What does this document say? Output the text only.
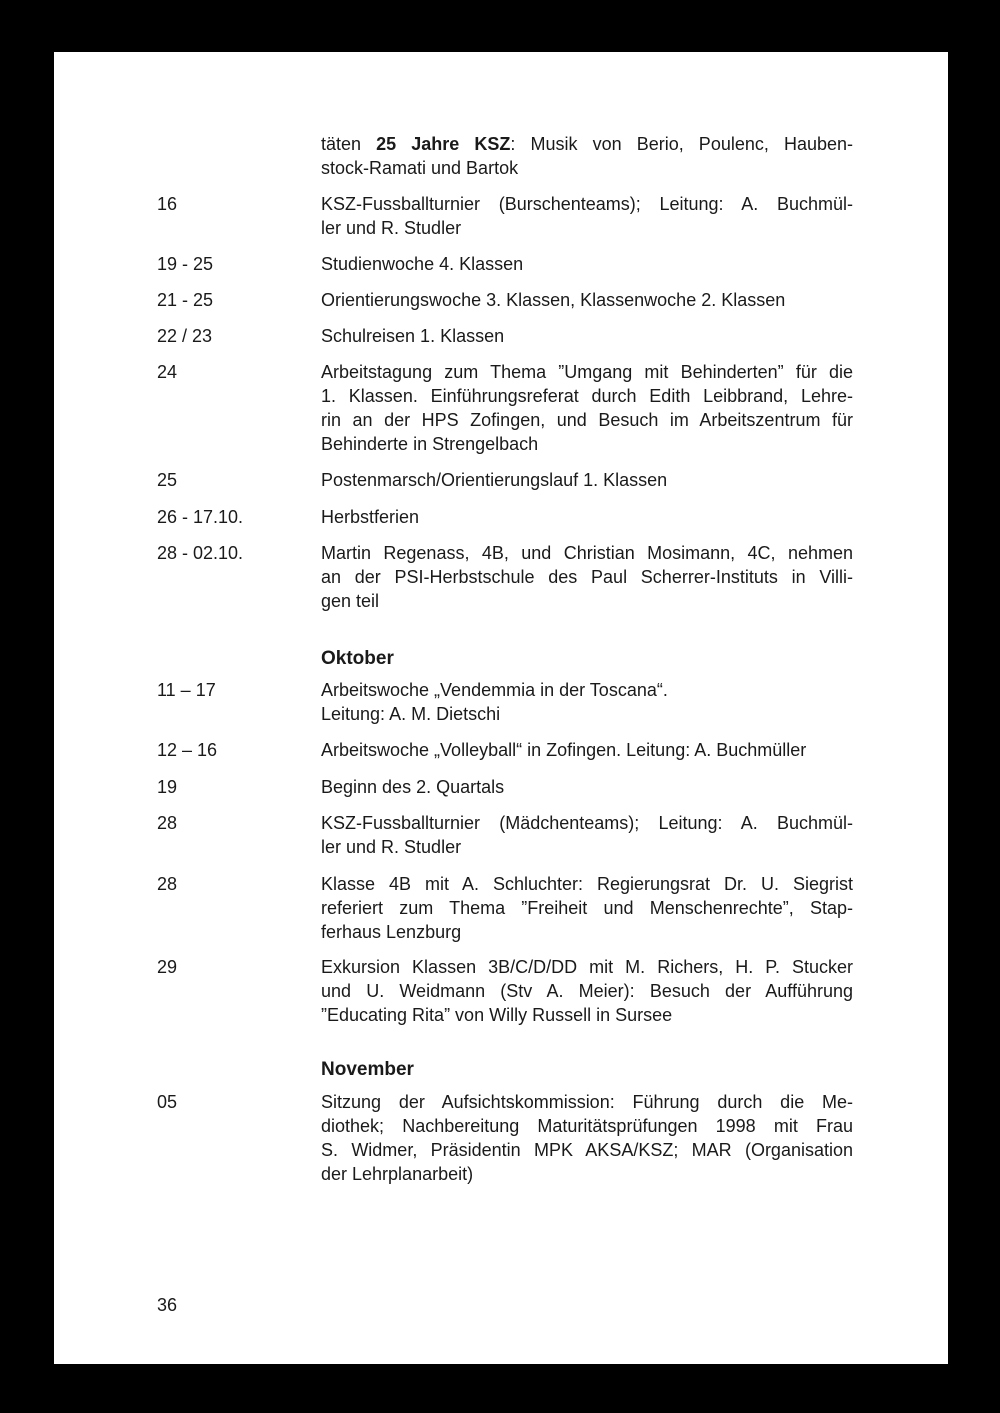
täten 25 Jahre KSZ: Musik von Berio, Poulenc, Hauben-
stock-Ramati und Bartok
16	KSZ-Fussballturnier (Burschenteams); Leitung: A. Buchmül-
ler und R. Studler
19 - 25	Studienwoche 4. Klassen
21 - 25	Orientierungswoche 3. Klassen, Klassenwoche 2. Klassen
22 / 23	Schulreisen 1. Klassen
24	Arbeitstagung zum Thema ”Umgang mit Behinderten” für die
1. Klassen. Einführungsreferat durch Edith Leibbrand, Lehre-
rin an der HPS Zofingen, und Besuch im Arbeitszentrum für
Behinderte in Strengelbach
25	Postenmarsch/Orientierungslauf 1. Klassen
26 - 17.10.	Herbstferien
28 - 02.10.	Martin Regenass, 4B, und Christian Mosimann, 4C, nehmen
an der PSI-Herbstschule des Paul Scherrer-Instituts in Villi-
gen teil
Oktober
11 – 17	Arbeitswoche „Vendemmia in der Toscana“.
Leitung: A. M. Dietschi
12 – 16	Arbeitswoche „Volleyball“ in Zofingen. Leitung: A. Buchmüller
19	Beginn des 2. Quartals
28	KSZ-Fussballturnier (Mädchenteams); Leitung: A. Buchmül-
ler und R. Studler
28	Klasse 4B mit A. Schluchter: Regierungsrat Dr. U. Siegrist
referiert zum Thema ”Freiheit und Menschenrechte”, Stap-
ferhaus Lenzburg
29	Exkursion Klassen 3B/C/D/DD mit M. Richers, H. P. Stucker
und U. Weidmann (Stv A. Meier): Besuch der Aufführung
”Educating Rita” von Willy Russell in Sursee
November
05	Sitzung der Aufsichtskommission: Führung durch die Me-
diothek; Nachbereitung Maturitätsprüfungen 1998 mit Frau
S. Widmer, Präsidentin MPK AKSA/KSZ; MAR (Organisation
der Lehrplanarbeit)
36
